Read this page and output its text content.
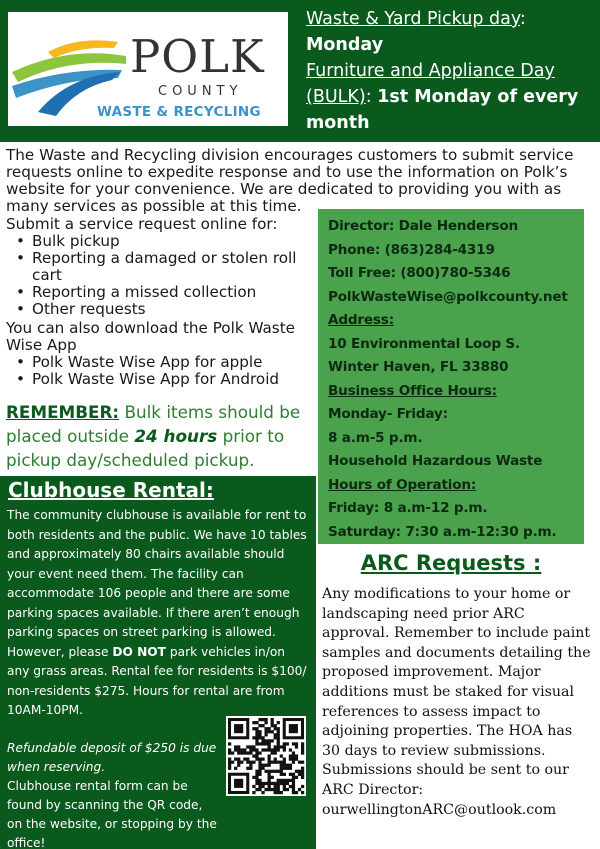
POLK
COUNTY
WASTE & RECYCLING
Waste & Yard Pickup day:
Monday
Furniture and Appliance Day (BULK): 1st Monday of every month

The Waste and Recycling division encourages customers to submit service requests online to expedite response and to use the information on Polk’s website for your convenience. We are dedicated to providing you with as many services as possible at this time.

Submit a service request online for:
• Bulk pickup
• Reporting a damaged or stolen roll cart
• Reporting a missed collection
• Other requests
You can also download the Polk Waste Wise App
• Polk Waste Wise App for apple
• Polk Waste Wise App for Android

REMEMBER: Bulk items should be placed outside 24 hours prior to pickup day/scheduled pickup.

Clubhouse Rental:

The community clubhouse is available for rent to both residents and the public. We have 10 tables and approximately 80 chairs available should your event need them. The facility can accommodate 106 people and there are some parking spaces available. If there aren’t enough parking spaces on street parking is allowed. However, please DO NOT park vehicles in/on any grass areas. Rental fee for residents is $100/ non-residents $275. Hours for rental are from 10AM-10PM.

Refundable deposit of $250 is due when reserving.
Clubhouse rental form can be found by scanning the QR code, on the website, or stopping by the office!

Director: Dale Henderson
Phone: (863)284-4319
Toll Free: (800)780-5346
PolkWasteWise@polkcounty.net
Address:
10 Environmental Loop S.
Winter Haven, FL 33880
Business Office Hours:
Monday- Friday:
8 a.m-5 p.m.
Household Hazardous Waste
Hours of Operation:
Friday: 8 a.m-12 p.m.
Saturday: 7:30 a.m-12:30 p.m.
ARC Requests :

Any modifications to your home or landscaping need prior ARC approval. Remember to include paint samples and documents detailing the proposed improvement. Major additions must be staked for visual references to assess impact to adjoining properties. The HOA has 30 days to review submissions. Submissions should be sent to our ARC Director: ourwellingtonARC@outlook.com
